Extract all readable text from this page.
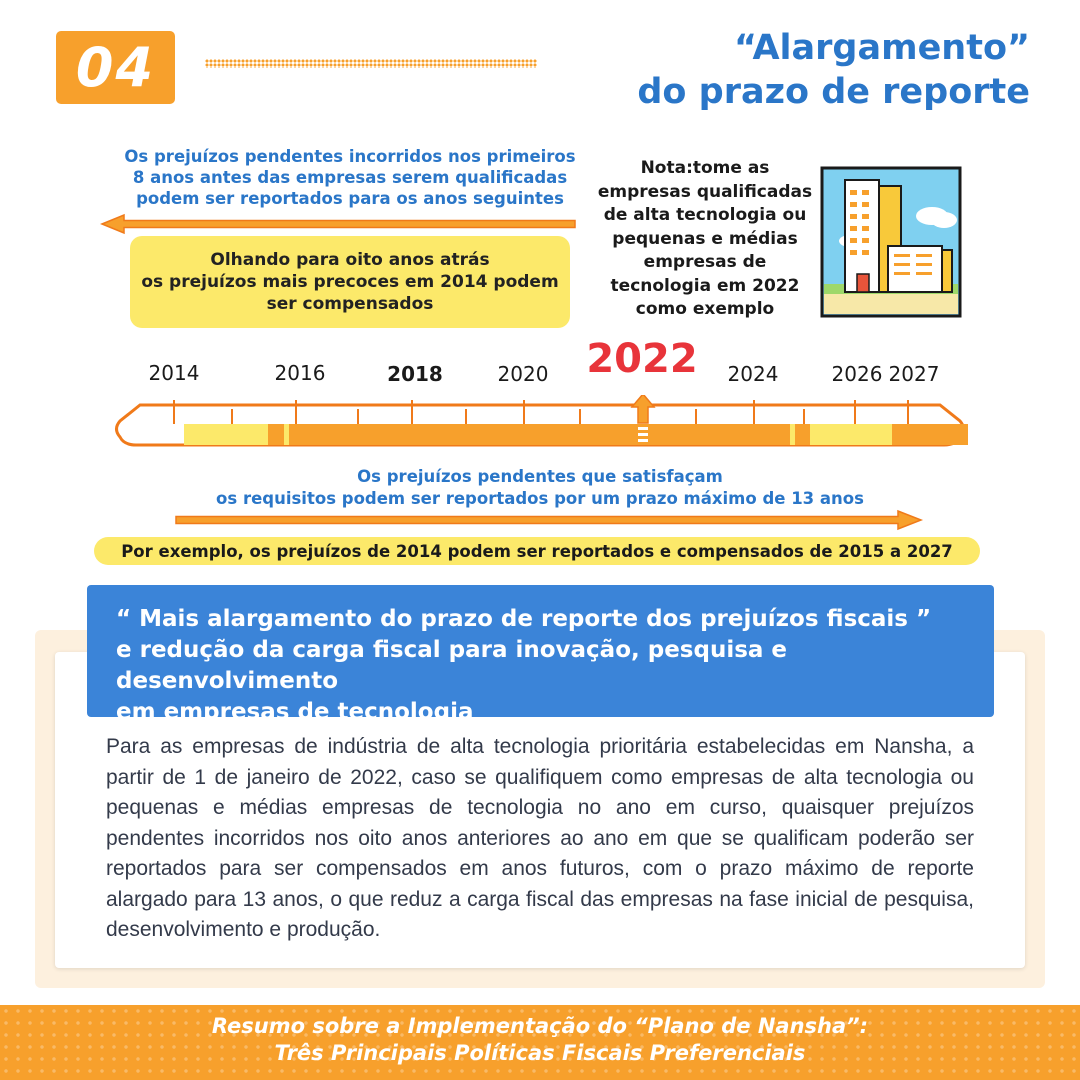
04	“Alargamento”
do prazo de reporte
Os prejuízos pendentes incorridos nos primeiros
8 anos antes das empresas serem qualificadas
podem ser reportados para os anos seguintes
Olhando para oito anos atrás
os prejuízos mais precoces em 2014 podem
ser compensados
Nota:tome as
empresas qualificadas
de alta tecnologia ou
pequenas e médias
empresas de
tecnologia em 2022
como exemplo
2014	2016	2018	2020 2022 2024	2026 2027
Os prejuízos pendentes que satisfaçam
os requisitos podem ser reportados por um prazo máximo de 13 anos
Por exemplo, os prejuízos de 2014 podem ser reportados e compensados de 2015 a 2027
“ Mais alargamento do prazo de reporte dos prejuízos fiscais ”
e redução da carga fiscal para inovação, pesquisa e desenvolvimento
em empresas de tecnologia
Para as empresas de indústria de alta tecnologia prioritária estabelecidas em Nansha, a partir de 1 de janeiro de 2022, caso se qualifiquem como empresas de alta tecnologia ou pequenas e médias empresas de tecnologia no ano em curso, quaisquer prejuízos pendentes incorridos nos oito anos anteriores ao ano em que se qualificam poderão ser reportados para ser compensados em anos futuros, com o prazo máximo de reporte alargado para 13 anos, o que reduz a carga fiscal das empresas na fase inicial de pesquisa, desenvolvimento e produção.
Resumo sobre a Implementação do “Plano de Nansha”:
Três Principais Políticas Fiscais Preferenciais
